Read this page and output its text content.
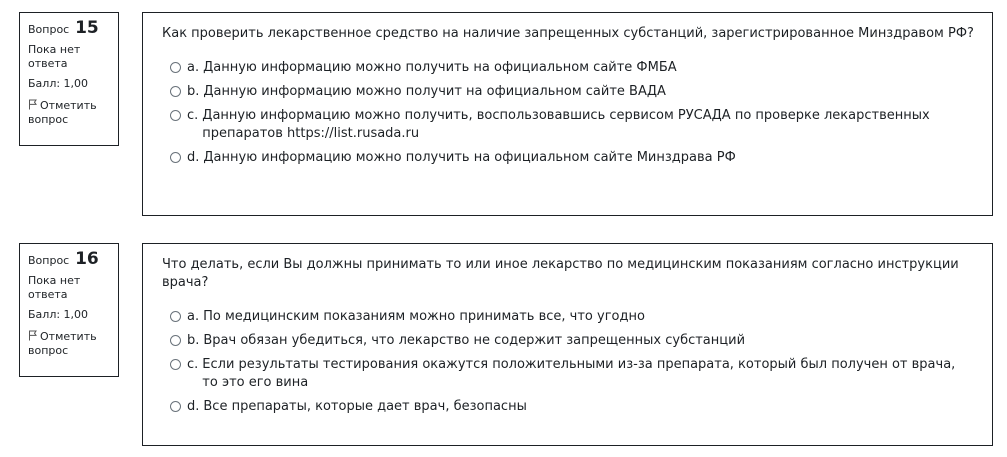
Вопрос 15
Пока нет ответа
Балл: 1,00
Отметить вопрос
Как проверить лекарственное средство на наличие запрещенных субстанций, зарегистрированное Минздравом РФ?
a. Данную информацию можно получить на официальном сайте ФМБА
b. Данную информацию можно получит на официальном сайте ВАДА
c. Данную информацию можно получить, воспользовавшись сервисом РУСАДА по проверке лекарственных препаратов https://list.rusada.ru
d. Данную информацию можно получить на официальном сайте Минздрава РФ
Вопрос 16
Пока нет ответа
Балл: 1,00
Отметить вопрос
Что делать, если Вы должны принимать то или иное лекарство по медицинским показаниям согласно инструкции врача?
a. По медицинским показаниям можно принимать все, что угодно
b. Врач обязан убедиться, что лекарство не содержит запрещенных субстанций
c. Если результаты тестирования окажутся положительными из-за препарата, который был получен от врача, то это его вина
d. Все препараты, которые дает врач, безопасны
